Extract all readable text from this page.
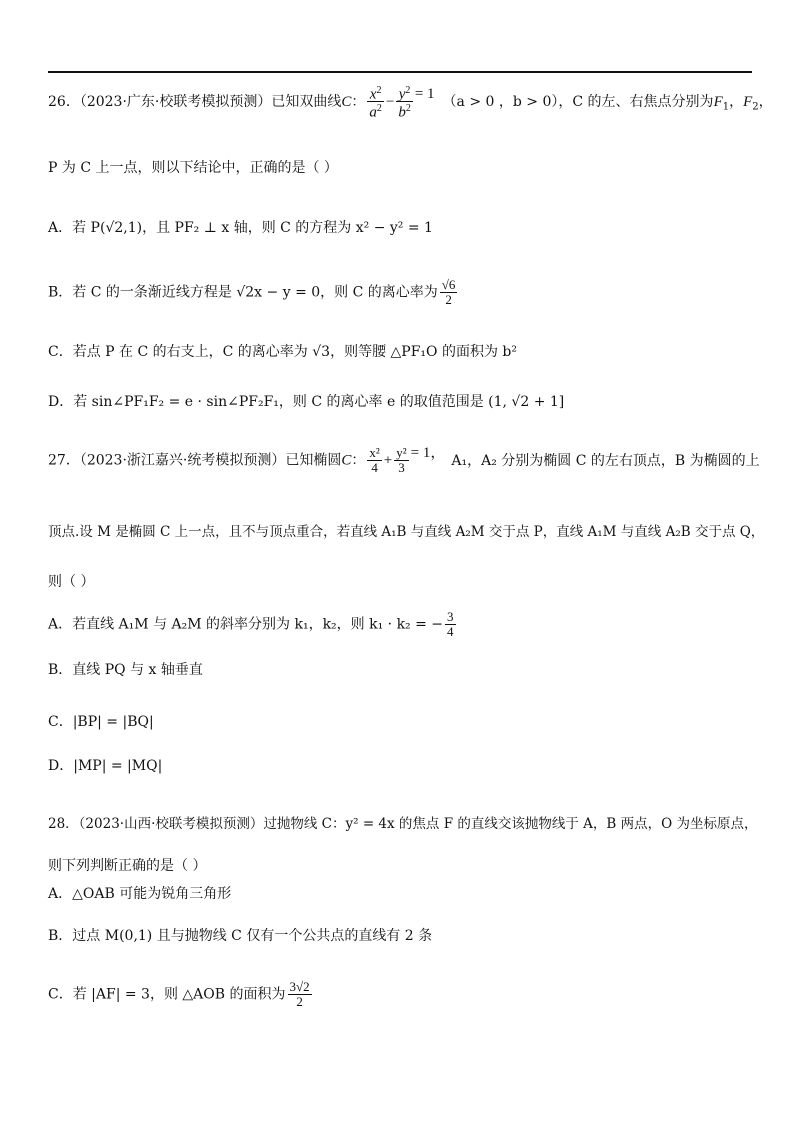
26．（2023·广东·校联考模拟预测）已知双曲线C： $\frac{x^2}{a^2} - \frac{y^2}{b^2} = 1$ （a > 0 ，b > 0），C 的左、右焦点分别为$F_1$，$F_2$，
P 为 C 上一点，则以下结论中，正确的是（ ）
A．若 P(√2,1)，且 PF₂ ⊥ x 轴，则 C 的方程为 x² − y² = 1
B．若 C 的一条渐近线方程是 √2x − y = 0，则 C 的离心率为 $\frac{√6}{2}$
C．若点 P 在 C 的右支上，C 的离心率为 √3，则等腰 △PF₁O 的面积为 b²
D．若 sin∠PF₁F₂ = e · sin∠PF₂F₁，则 C 的离心率 e 的取值范围是 (1, √2 + 1]
27．（2023·浙江嘉兴·统考模拟预测）已知椭圆C： $\frac{\text{x²}}{4} + \frac{\text{y²}}{3} = 1$， A₁，A₂ 分别为椭圆 C 的左右顶点，B 为椭圆的上
顶点.设 M 是椭圆 C 上一点，且不与顶点重合，若直线 A₁B 与直线 A₂M 交于点 P，直线 A₁M 与直线 A₂B 交于点 Q，
则（ ）
A．若直线 A₁M 与 A₂M 的斜率分别为 k₁，k₂，则 k₁ · k₂ = − $\frac{3}{4}$
B．直线 PQ 与 x 轴垂直
C．|BP| = |BQ|
D．|MP| = |MQ|
28．（2023·山西·校联考模拟预测）过抛物线 C：y² = 4x 的焦点 F 的直线交该抛物线于 A，B 两点，O 为坐标原点，
则下列判断正确的是（ ）
A．△OAB 可能为锐角三角形
B．过点 M(0,1) 且与抛物线 C 仅有一个公共点的直线有 2 条
C．若 |AF| = 3，则 △AOB 的面积为 $\frac{3√2}{2}$
